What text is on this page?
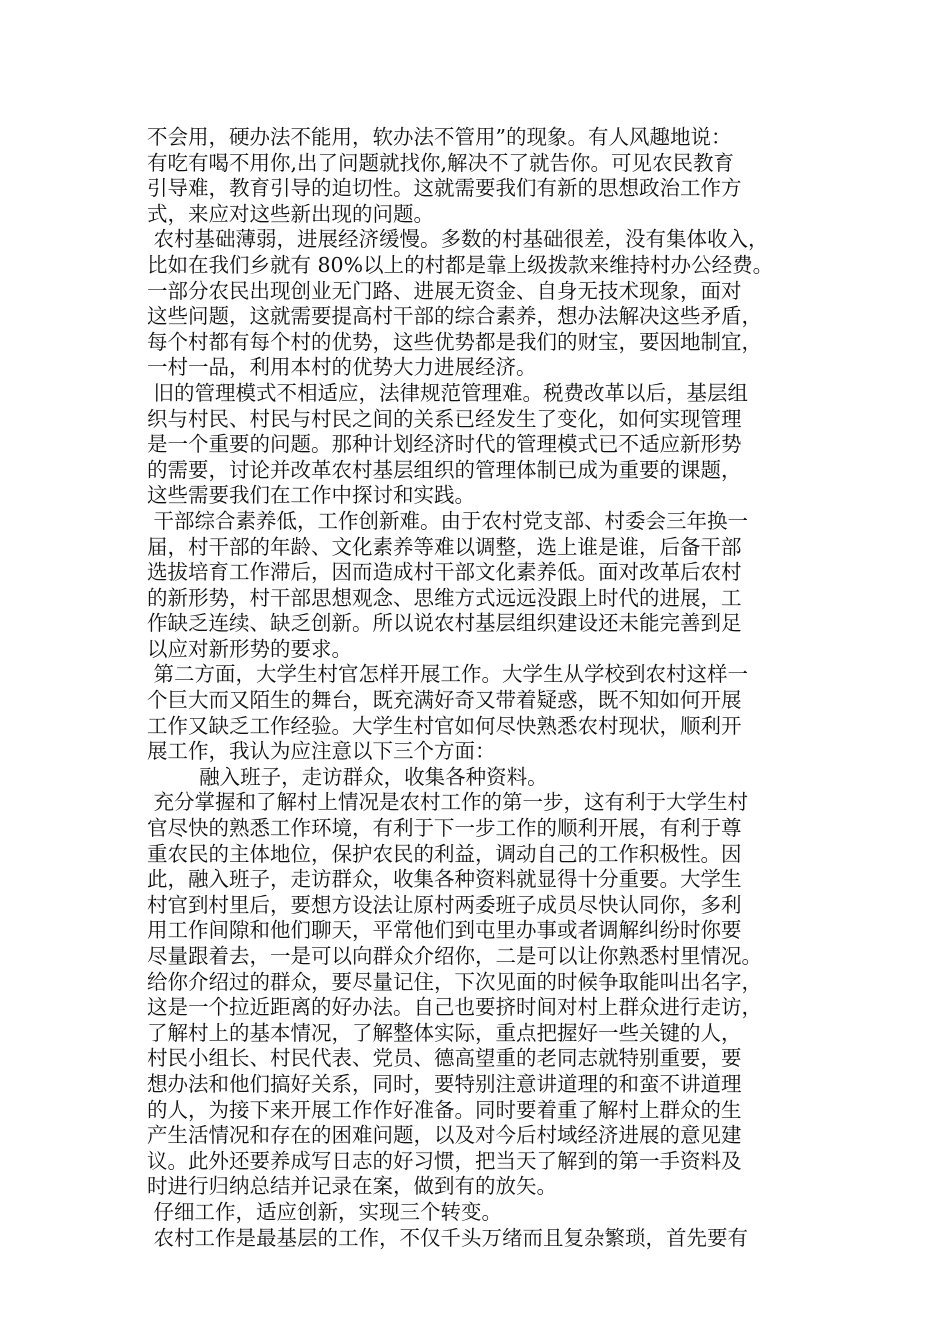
不会用，硬办法不能用，软办法不管用”的现象。有人风趣地说：
有吃有喝不用你,出了问题就找你,解决不了就告你。可见农民教育
引导难，教育引导的迫切性。这就需要我们有新的思想政治工作方
式，来应对这些新出现的问题。
农村基础薄弱，进展经济缓慢。多数的村基础很差，没有集体收入，
比如在我们乡就有 80%以上的村都是靠上级拨款来维持村办公经费。
一部分农民出现创业无门路、进展无资金、自身无技术现象，面对
这些问题，这就需要提高村干部的综合素养，想办法解决这些矛盾，
每个村都有每个村的优势，这些优势都是我们的财宝，要因地制宜，
一村一品，利用本村的优势大力进展经济。
旧的管理模式不相适应，法律规范管理难。税费改革以后，基层组
织与村民、村民与村民之间的关系已经发生了变化，如何实现管理
是一个重要的问题。那种计划经济时代的管理模式已不适应新形势
的需要，讨论并改革农村基层组织的管理体制已成为重要的课题，
这些需要我们在工作中探讨和实践。
干部综合素养低，工作创新难。由于农村党支部、村委会三年换一
届，村干部的年龄、文化素养等难以调整，选上谁是谁，后备干部
选拔培育工作滞后，因而造成村干部文化素养低。面对改革后农村
的新形势，村干部思想观念、思维方式远远没跟上时代的进展，工
作缺乏连续、缺乏创新。所以说农村基层组织建设还未能完善到足
以应对新形势的要求。
第二方面，大学生村官怎样开展工作。大学生从学校到农村这样一
个巨大而又陌生的舞台，既充满好奇又带着疑惑，既不知如何开展
工作又缺乏工作经验。大学生村官如何尽快熟悉农村现状，顺利开
展工作，我认为应注意以下三个方面：
融入班子，走访群众，收集各种资料。
充分掌握和了解村上情况是农村工作的第一步，这有利于大学生村
官尽快的熟悉工作环境，有利于下一步工作的顺利开展，有利于尊
重农民的主体地位，保护农民的利益，调动自己的工作积极性。因
此，融入班子，走访群众，收集各种资料就显得十分重要。大学生
村官到村里后，要想方设法让原村两委班子成员尽快认同你，多利
用工作间隙和他们聊天，平常他们到屯里办事或者调解纠纷时你要
尽量跟着去，一是可以向群众介绍你，二是可以让你熟悉村里情况。
给你介绍过的群众，要尽量记住，下次见面的时候争取能叫出名字，
这是一个拉近距离的好办法。自己也要挤时间对村上群众进行走访，
了解村上的基本情况，了解整体实际，重点把握好一些关键的人，
村民小组长、村民代表、党员、德高望重的老同志就特别重要，要
想办法和他们搞好关系，同时，要特别注意讲道理的和蛮不讲道理
的人，为接下来开展工作作好准备。同时要着重了解村上群众的生
产生活情况和存在的困难问题，以及对今后村域经济进展的意见建
议。此外还要养成写日志的好习惯，把当天了解到的第一手资料及
时进行归纳总结并记录在案，做到有的放矢。
仔细工作，适应创新，实现三个转变。
农村工作是最基层的工作，不仅千头万绪而且复杂繁琐，首先要有
